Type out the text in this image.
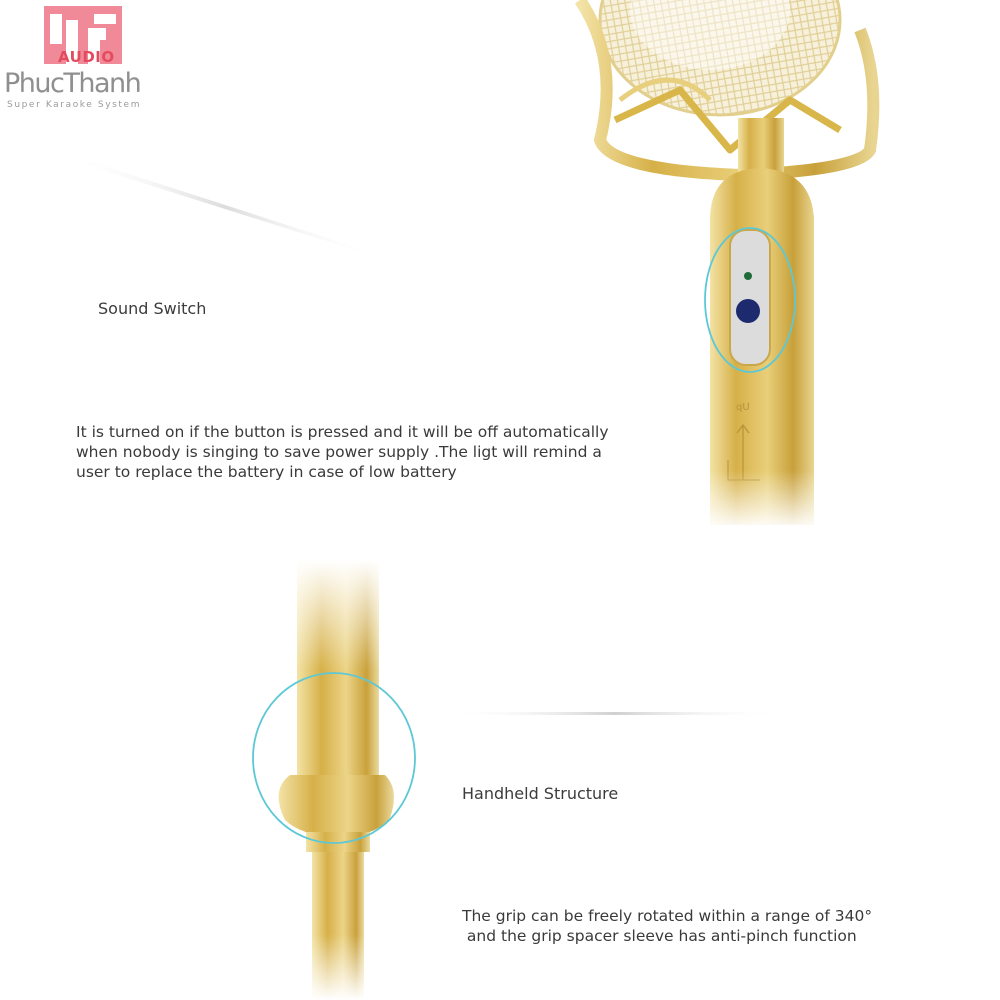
AUDIO
PhucThanh
Super Karaoke System
Sound Switch
It is turned on if the button is pressed and it will be off automatically
when nobody is singing to save power supply .The ligt will remind a
user to replace the battery in case of low battery
Handheld Structure
The grip can be freely rotated within a range of 340°
and the grip spacer sleeve has anti-pinch function
